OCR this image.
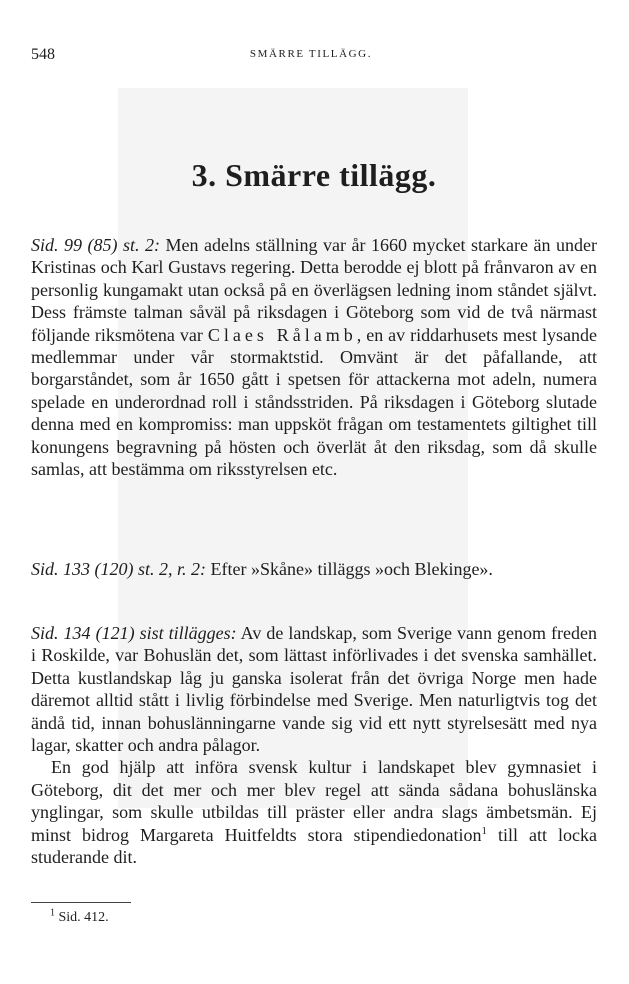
548	SMÄRRE TILLÄGG.
3. Smärre tillägg.

Sid. 99 (85) st. 2: Men adelns ställning var år 1660 mycket starkare än under Kristinas och Karl Gustavs regering. Detta berodde ej blott på frånvaron av en personlig kungamakt utan också på en överlägsen ledning inom ståndet självt. Dess främste talman såväl på riksdagen i Göteborg som vid de två närmast följande riksmötena var Claes Rålamb, en av riddarhusets mest lysande medlemmar under vår stormaktstid. Omvänt är det påfallande, att borgarståndet, som år 1650 gått i spetsen för attackerna mot adeln, numera spelade en underordnad roll i ståndsstriden. På riksdagen i Göteborg slutade denna med en kompromiss: man uppsköt frågan om testamentets giltighet till konungens begravning på hösten och överlät åt den riksdag, som då skulle samlas, att bestämma om riksstyrelsen etc.

Sid. 133 (120) st. 2, r. 2: Efter »Skåne» tilläggs »och Blekinge».

Sid. 134 (121) sist tillägges: Av de landskap, som Sverige vann genom freden i Roskilde, var Bohuslän det, som lättast införlivades i det svenska samhället. Detta kustlandskap låg ju ganska isolerat från det övriga Norge men hade däremot alltid stått i livlig förbindelse med Sverige. Men naturligtvis tog det ändå tid, innan bohuslänningarne vande sig vid ett nytt styrelsesätt med nya lagar, skatter och andra pålagor.

En god hjälp att införa svensk kultur i landskapet blev gymnasiet i Göteborg, dit det mer och mer blev regel att sända sådana bohuslänska ynglingar, som skulle utbildas till präster eller andra slags ämbetsmän. Ej minst bidrog Margareta Huitfeldts stora stipendiedonation$^1$ till att locka studerande dit.

$^1$ Sid. 412.
